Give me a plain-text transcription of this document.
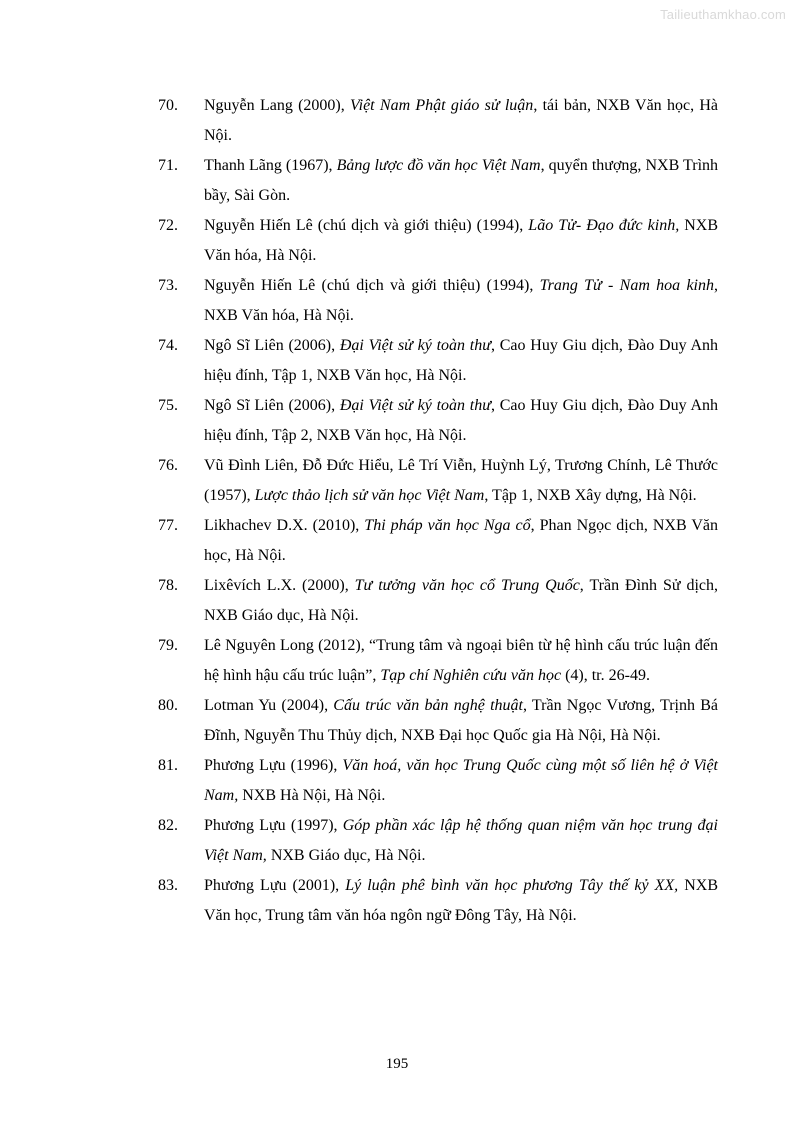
Tailieuthamkhao.com
70. Nguyễn Lang (2000), Việt Nam Phật giáo sử luận, tái bản, NXB Văn học, Hà Nội.
71. Thanh Lãng (1967), Bảng lược đồ văn học Việt Nam, quyển thượng, NXB Trình bầy, Sài Gòn.
72. Nguyễn Hiến Lê (chú dịch và giới thiệu) (1994), Lão Tử- Đạo đức kinh, NXB Văn hóa, Hà Nội.
73. Nguyễn Hiến Lê (chú dịch và giới thiệu) (1994), Trang Tử - Nam hoa kinh, NXB Văn hóa, Hà Nội.
74. Ngô Sĩ Liên (2006), Đại Việt sử ký toàn thư, Cao Huy Giu dịch, Đào Duy Anh hiệu đính, Tập 1, NXB Văn học, Hà Nội.
75. Ngô Sĩ Liên (2006), Đại Việt sử ký toàn thư, Cao Huy Giu dịch, Đào Duy Anh hiệu đính, Tập 2, NXB Văn học, Hà Nội.
76. Vũ Đình Liên, Đỗ Đức Hiểu, Lê Trí Viễn, Huỳnh Lý, Trương Chính, Lê Thước (1957), Lược thảo lịch sử văn học Việt Nam, Tập 1, NXB Xây dựng, Hà Nội.
77. Likhachev D.X. (2010), Thi pháp văn học Nga cổ, Phan Ngọc dịch, NXB Văn học, Hà Nội.
78. Lixêvích L.X. (2000), Tư tưởng văn học cổ Trung Quốc, Trần Đình Sử dịch, NXB Giáo dục, Hà Nội.
79. Lê Nguyên Long (2012), “Trung tâm và ngoại biên từ hệ hình cấu trúc luận đến hệ hình hậu cấu trúc luận”, Tạp chí Nghiên cứu văn học (4), tr. 26-49.
80. Lotman Yu (2004), Cấu trúc văn bản nghệ thuật, Trần Ngọc Vương, Trịnh Bá Đĩnh, Nguyễn Thu Thủy dịch, NXB Đại học Quốc gia Hà Nội, Hà Nội.
81. Phương Lựu (1996), Văn hoá, văn học Trung Quốc cùng một số liên hệ ở Việt Nam, NXB Hà Nội, Hà Nội.
82. Phương Lựu (1997), Góp phần xác lập hệ thống quan niệm văn học trung đại Việt Nam, NXB Giáo dục, Hà Nội.
83. Phương Lựu (2001), Lý luận phê bình văn học phương Tây thế kỷ XX, NXB Văn học, Trung tâm văn hóa ngôn ngữ Đông Tây, Hà Nội.
195
